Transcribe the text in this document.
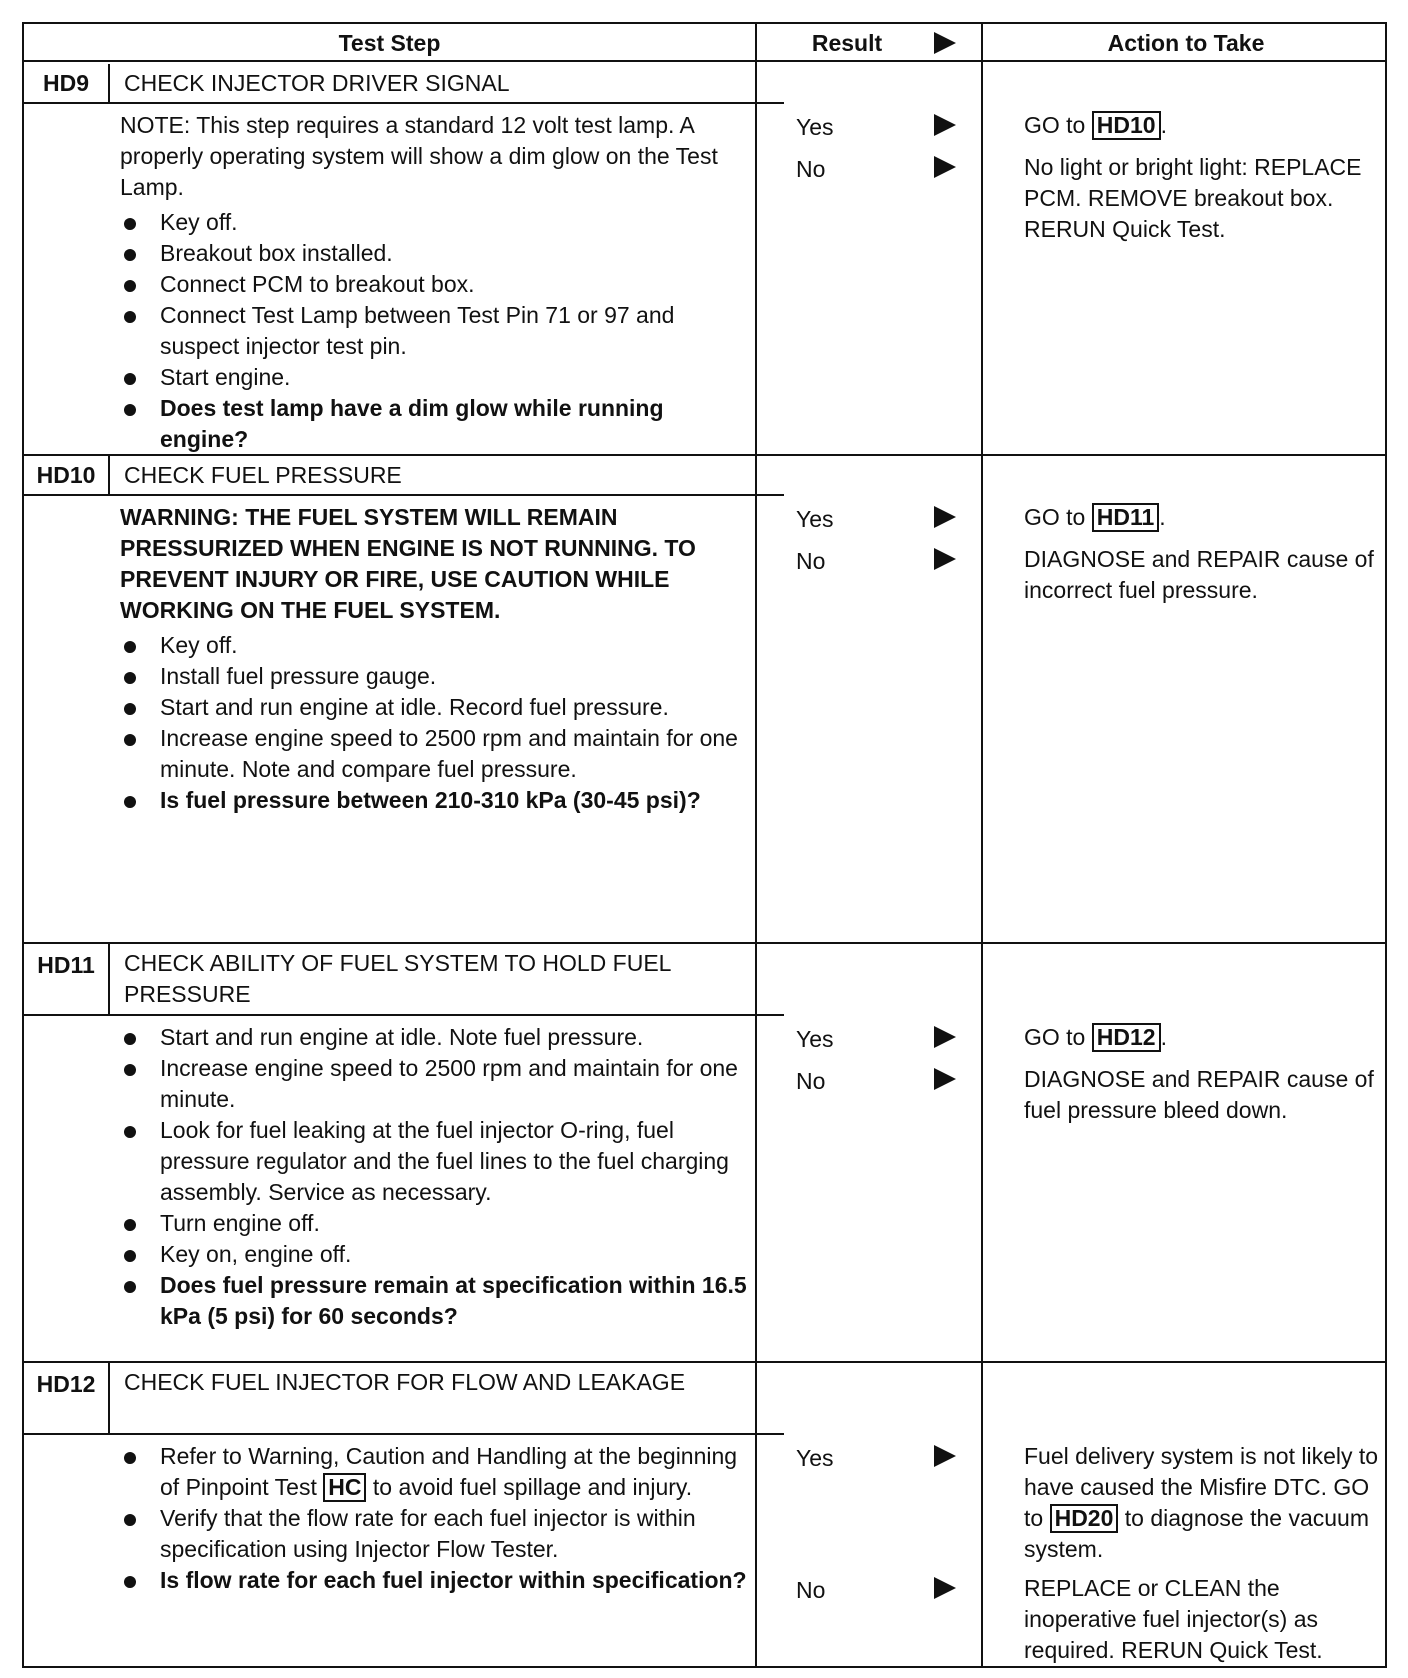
Test Step	Result	Action to Take
HD9	CHECK INJECTOR DRIVER SIGNAL
NOTE: This step requires a standard 12 volt test lamp. A properly operating system will show a dim glow on the Test Lamp.
Key off.
Breakout box installed.
Connect PCM to breakout box.
Connect Test Lamp between Test Pin 71 or 97 and suspect injector test pin.
Start engine.
Does test lamp have a dim glow while running engine?
Yes	GO to HD10 .
No	No light or bright light: REPLACE PCM. REMOVE breakout box. RERUN Quick Test.
HD10	CHECK FUEL PRESSURE
WARNING: THE FUEL SYSTEM WILL REMAIN PRESSURIZED WHEN ENGINE IS NOT RUNNING. TO PREVENT INJURY OR FIRE, USE CAUTION WHILE WORKING ON THE FUEL SYSTEM.
Key off.
Install fuel pressure gauge.
Start and run engine at idle. Record fuel pressure.
Increase engine speed to 2500 rpm and maintain for one minute. Note and compare fuel pressure.
Is fuel pressure between 210-310 kPa (30-45 psi)?
Yes	GO to HD11 .
No	DIAGNOSE and REPAIR cause of incorrect fuel pressure.
HD11	CHECK ABILITY OF FUEL SYSTEM TO HOLD FUEL PRESSURE
Start and run engine at idle. Note fuel pressure.
Increase engine speed to 2500 rpm and maintain for one minute.
Look for fuel leaking at the fuel injector O-ring, fuel pressure regulator and the fuel lines to the fuel charging assembly. Service as necessary.
Turn engine off.
Key on, engine off.
Does fuel pressure remain at specification within 16.5 kPa (5 psi) for 60 seconds?
Yes	GO to HD12 .
No	DIAGNOSE and REPAIR cause of fuel pressure bleed down.
HD12	CHECK FUEL INJECTOR FOR FLOW AND LEAKAGE
Refer to Warning, Caution and Handling at the beginning of Pinpoint Test HC to avoid fuel spillage and injury.
Verify that the flow rate for each fuel injector is within specification using Injector Flow Tester.
Is flow rate for each fuel injector within specification?
Yes	Fuel delivery system is not likely to have caused the Misfire DTC. GO to HD20 to diagnose the vacuum system.
No	REPLACE or CLEAN the inoperative fuel injector(s) as required. RERUN Quick Test.
